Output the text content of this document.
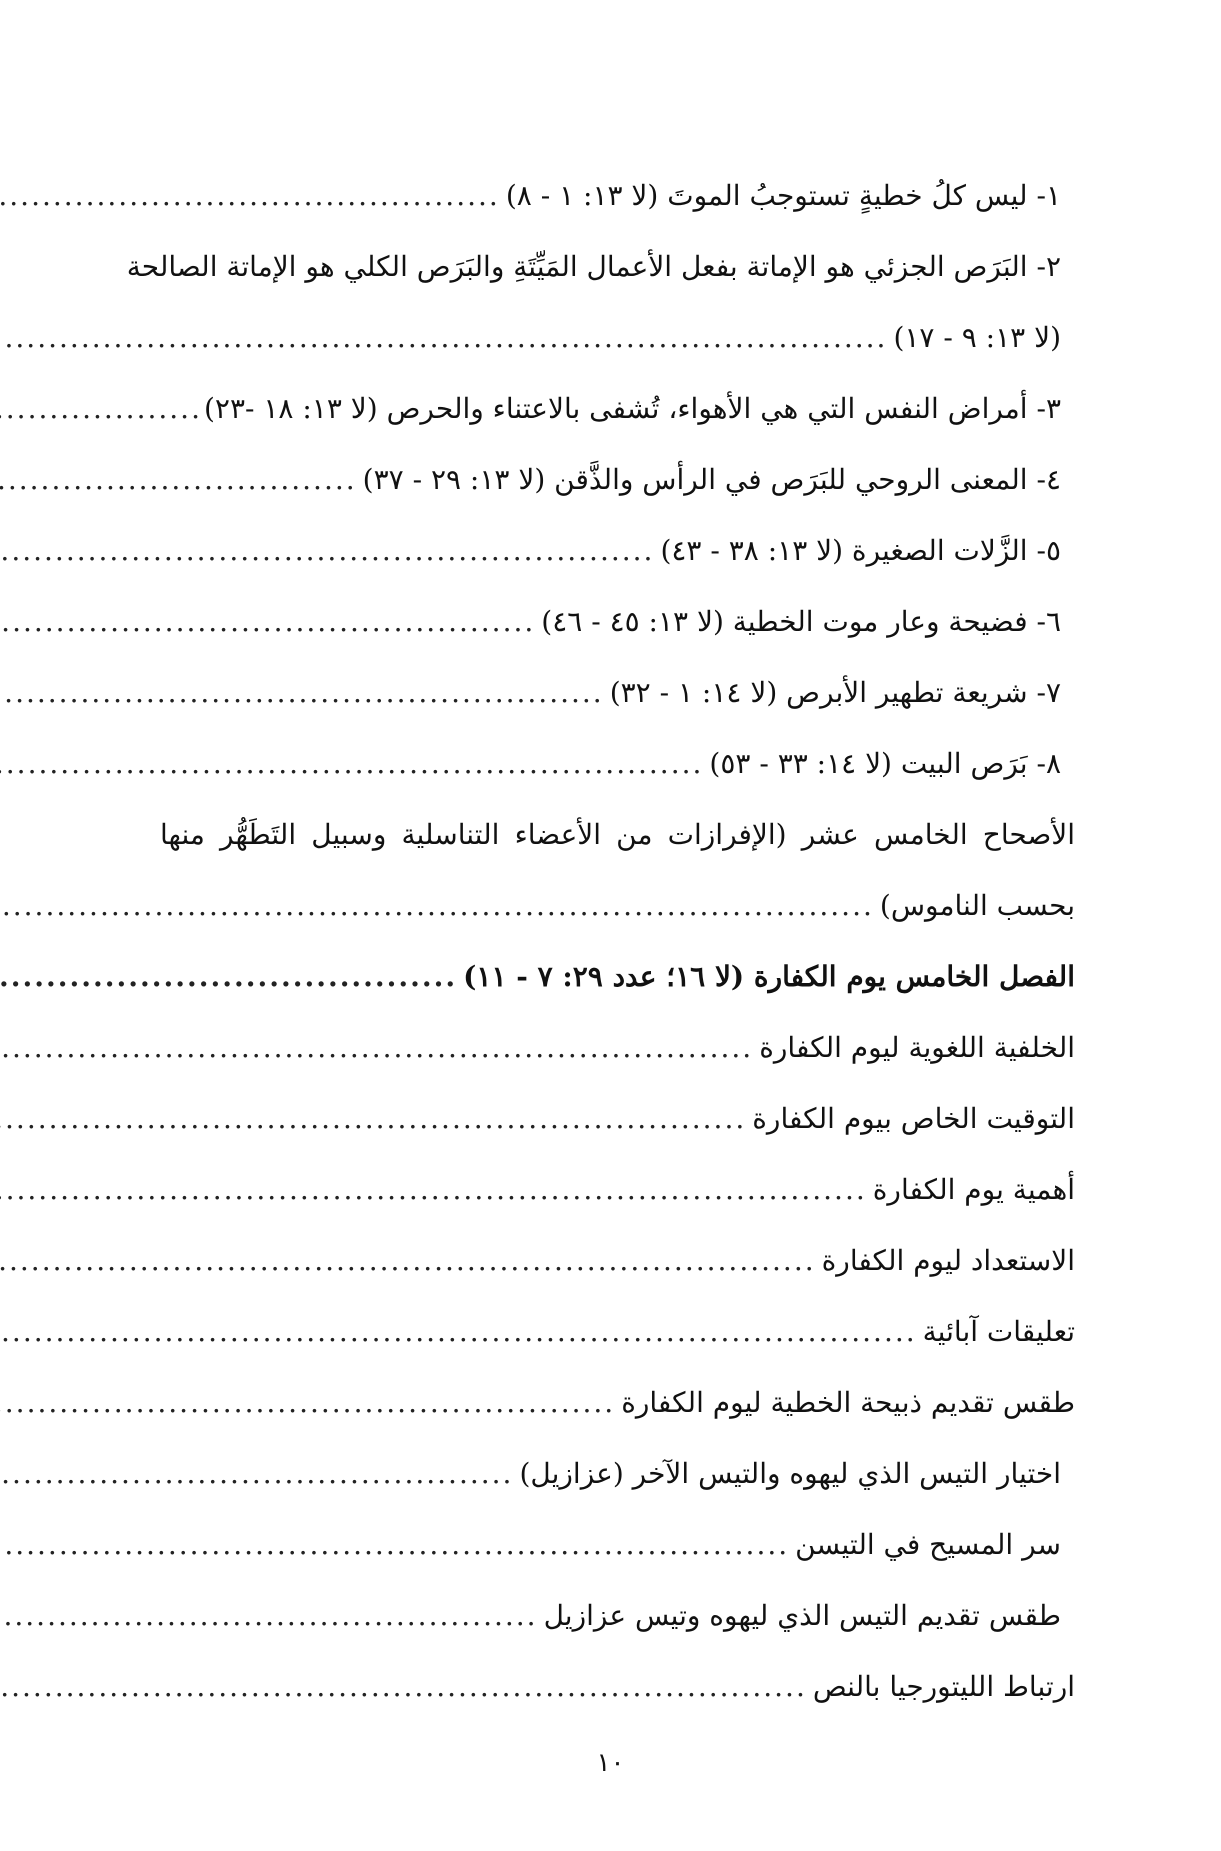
١- ليس كلُ خطيةٍ تستوجبُ الموتَ (لا ١٣: ١ - ٨)
.....
٢- البَرَص الجزئي هو الإماتة بفعل الأعمال المَيِّتَةِ والبَرَص الكلي هو الإماتة الصالحة
(لا ١٣: ٩ - ١٧)
.....
٣- أمراض النفس التي هي الأهواء، تُشفى بالاعتناء والحرص (لا ١٣: ١٨ -٢٣)
.....
٤- المعنى الروحي للبَرَص في الرأس والذَّقن (لا ١٣: ٢٩ - ٣٧)
.....
٥- الزَّلات الصغيرة (لا ١٣: ٣٨ - ٤٣)
.....
٦- فضيحة وعار موت الخطية (لا ١٣: ٤٥ - ٤٦)
.....
٧- شريعة تطهير الأبرص (لا ١٤: ١ - ٣٢)
.....
٨- بَرَص البيت (لا ١٤: ٣٣ - ٥٣)
.....
الأصحاح الخامس عشر (الإفرازات من الأعضاء التناسلية وسبيل التَطَهُّر منها
بحسب الناموس)
.....
الفصل الخامس يوم الكفارة (لا ١٦؛ عدد ٢٩: ٧ - ١١)
.....
الخلفية اللغوية ليوم الكفارة
.....
التوقيت الخاص بيوم الكفارة
.....
أهمية يوم الكفارة
.....
الاستعداد ليوم الكفارة
.....
تعليقات آبائية
.....
طقس تقديم ذبيحة الخطية ليوم الكفارة
.....
اختيار التيس الذي ليهوه والتيس الآخر (عزازيل)
.....
سر المسيح في التيسن
.....
طقس تقديم التيس الذي ليهوه وتيس عزازيل
.....
ارتباط الليتورجيا بالنص
.....
١٠
